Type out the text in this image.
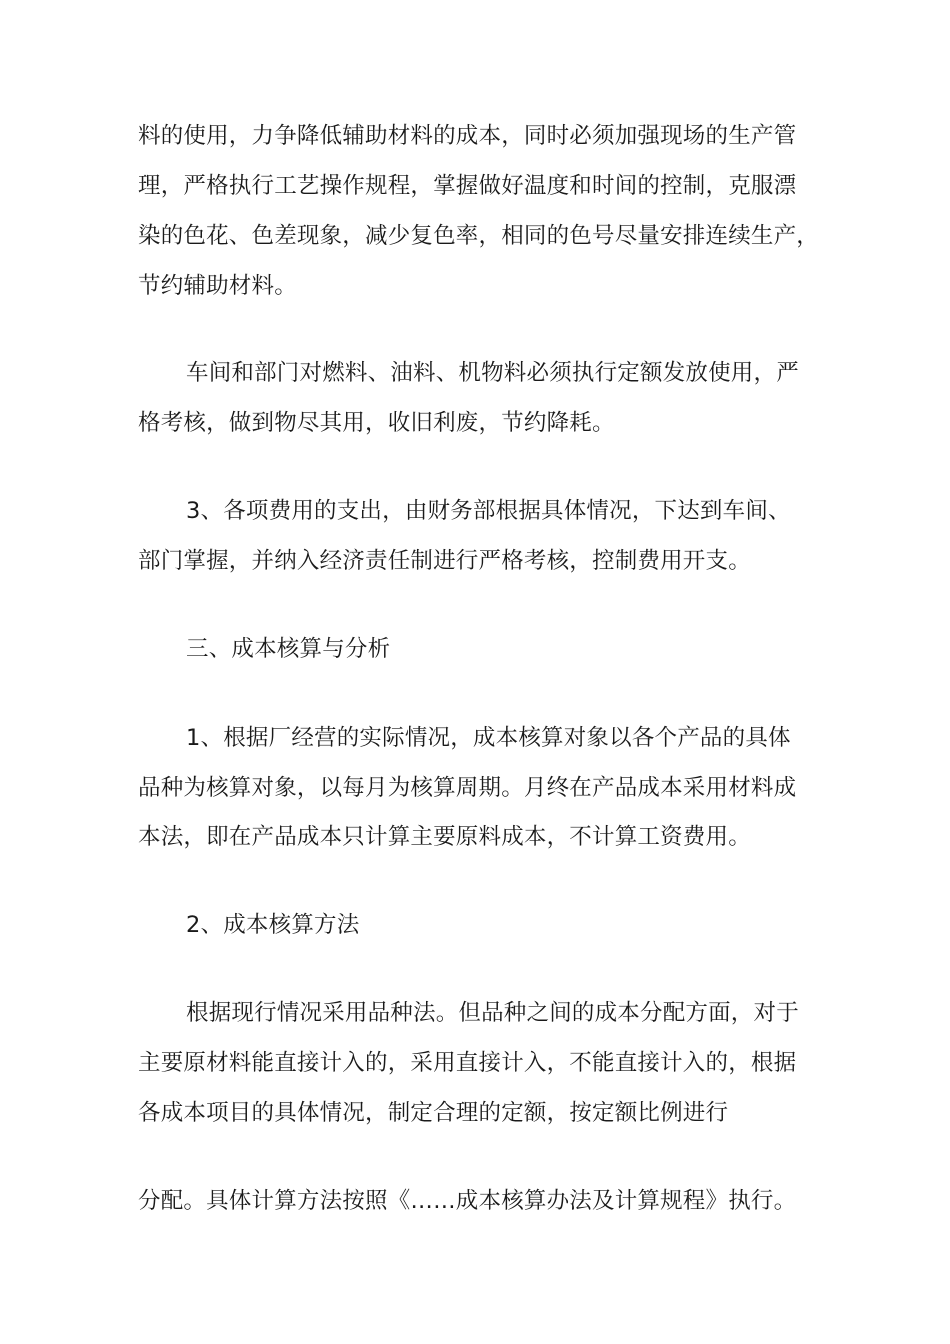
料的使用，力争降低辅助材料的成本，同时必须加强现场的生产管
理，严格执行工艺操作规程，掌握做好温度和时间的控制，克服漂
染的色花、色差现象，减少复色率，相同的色号尽量安排连续生产，
节约辅助材料。
车间和部门对燃料、油料、机物料必须执行定额发放使用，严
格考核，做到物尽其用，收旧利废，节约降耗。
3、各项费用的支出，由财务部根据具体情况，下达到车间、
部门掌握，并纳入经济责任制进行严格考核，控制费用开支。
三、成本核算与分析
1、根据厂经营的实际情况，成本核算对象以各个产品的具体
品种为核算对象，以每月为核算周期。月终在产品成本采用材料成
本法，即在产品成本只计算主要原料成本，不计算工资费用。
2、成本核算方法
根据现行情况采用品种法。但品种之间的成本分配方面，对于
主要原材料能直接计入的，采用直接计入，不能直接计入的，根据
各成本项目的具体情况，制定合理的定额，按定额比例进行
分配。具体计算方法按照《……成本核算办法及计算规程》执行。
